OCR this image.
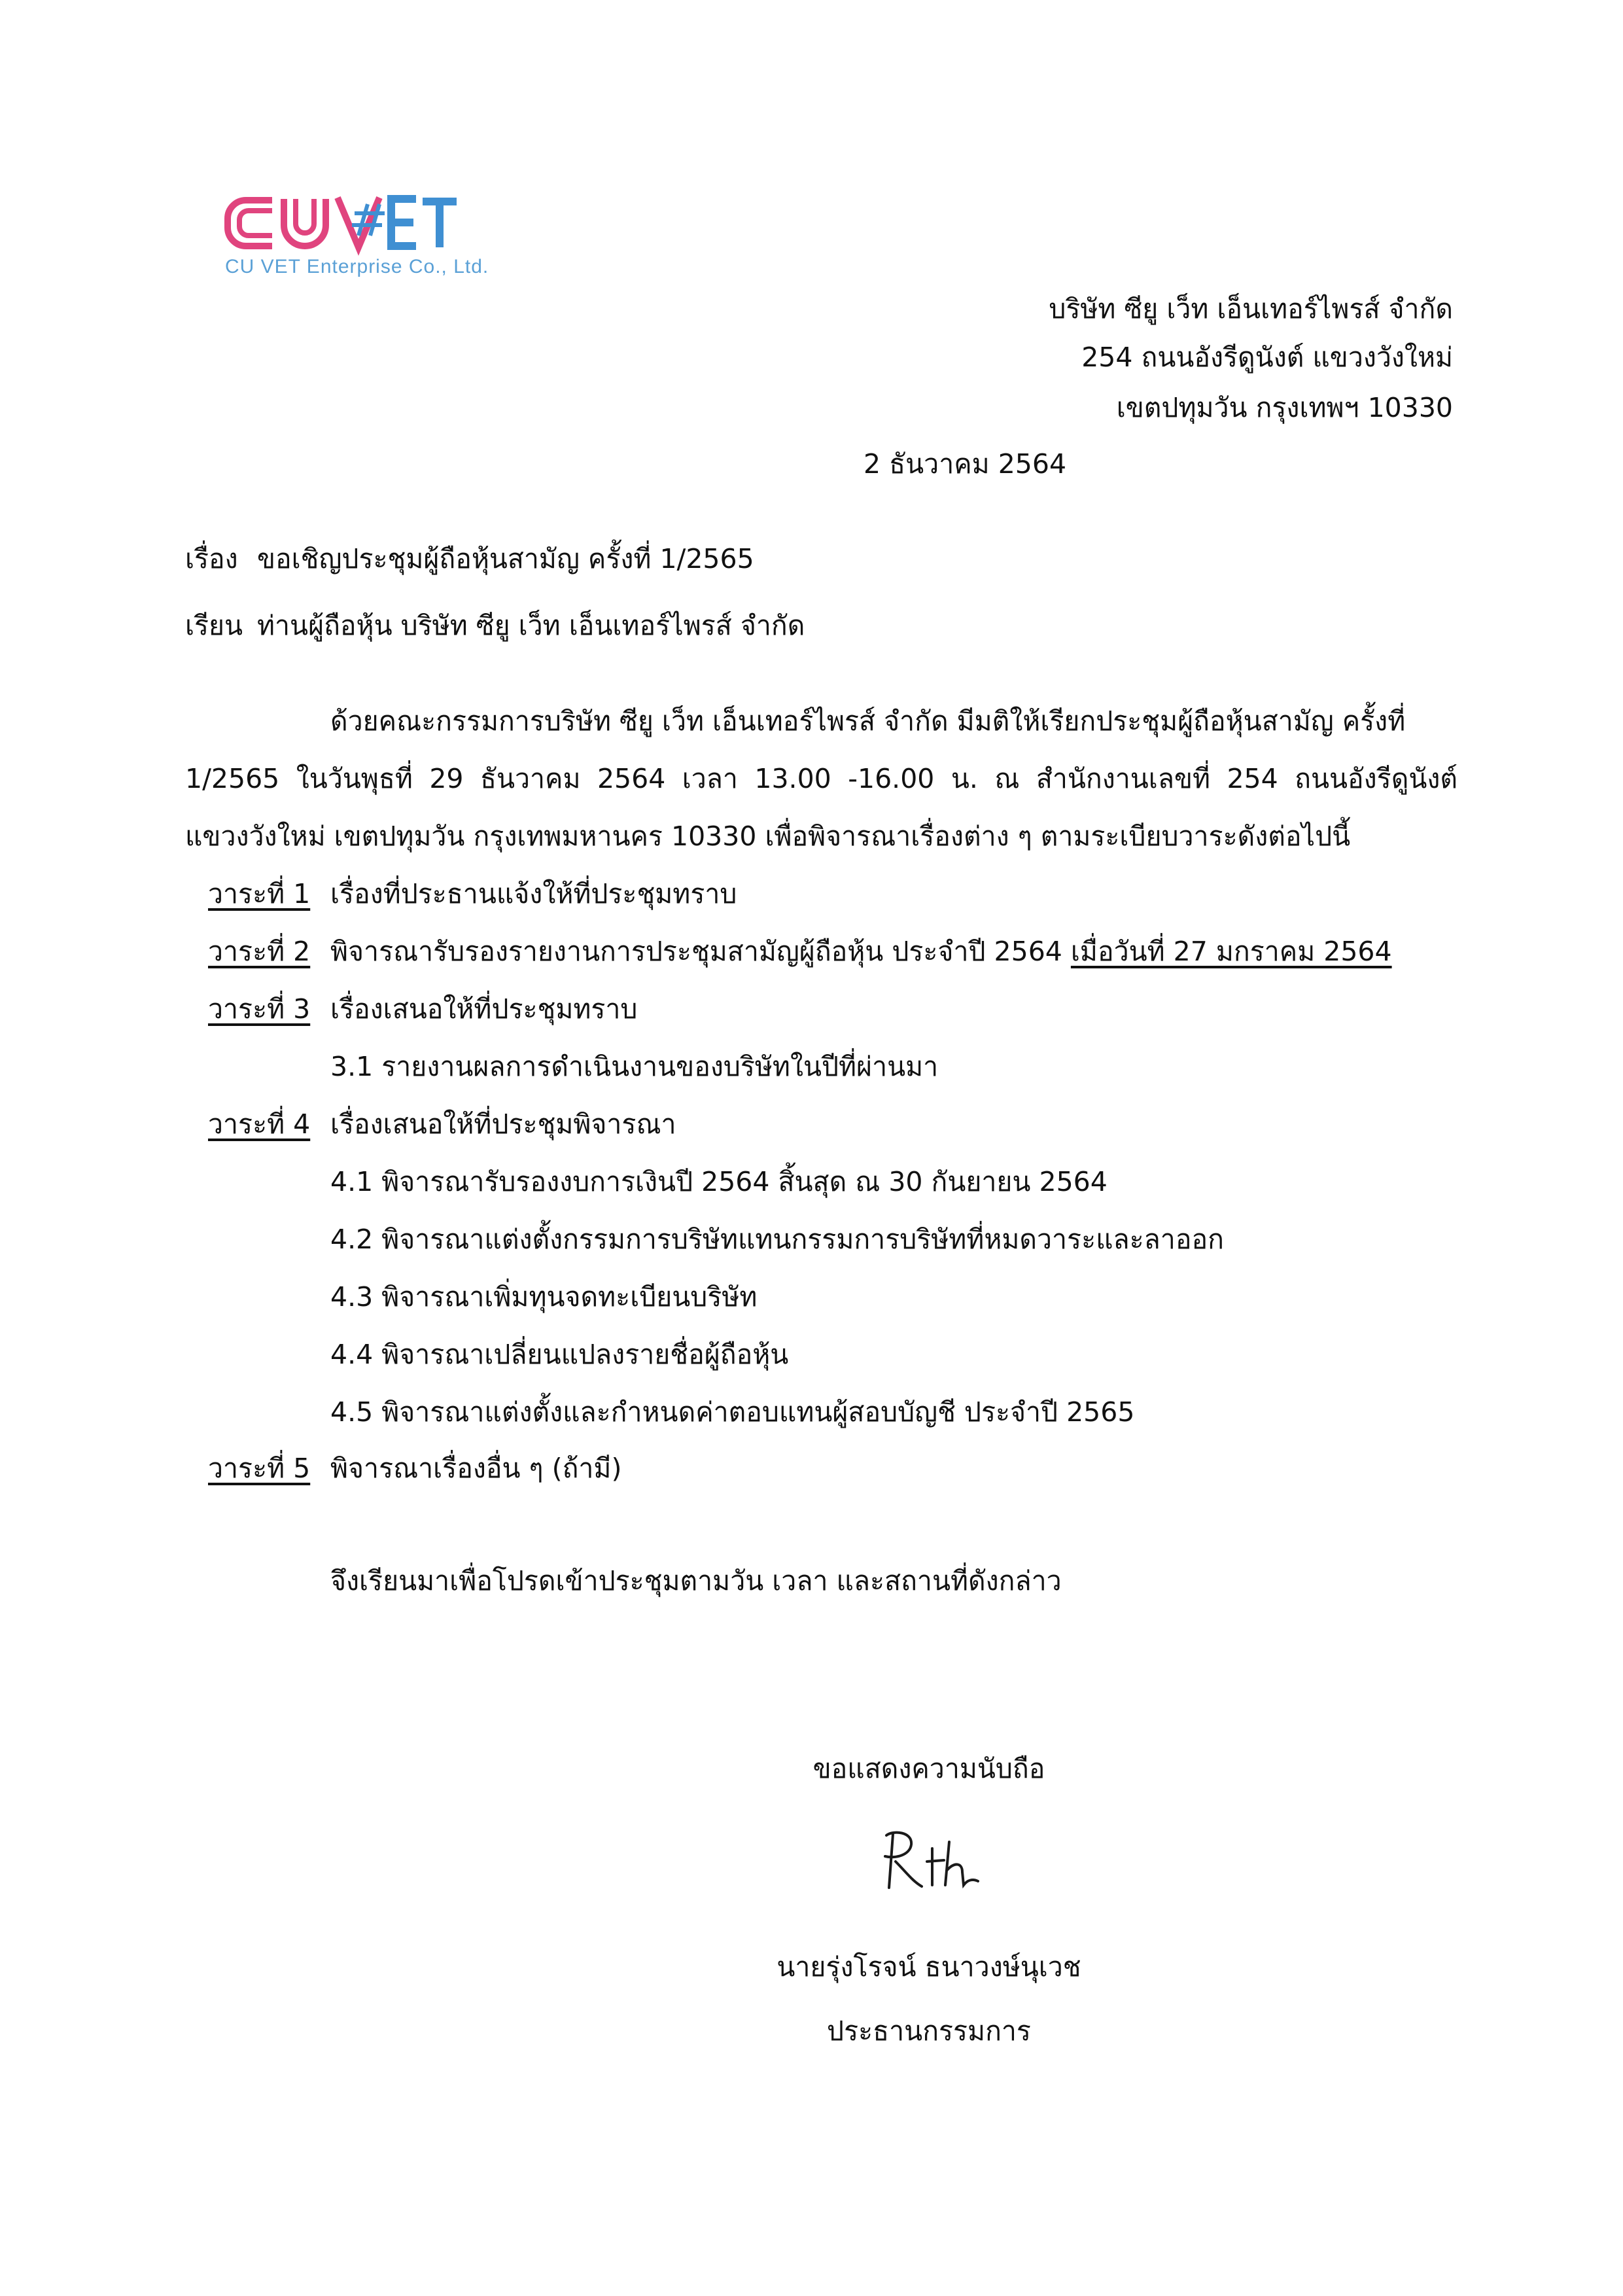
CU VET Enterprise Co., Ltd.
บริษัท ซียู เว็ท เอ็นเทอร์ไพรส์ จำกัด
254 ถนนอังรีดูนังต์ แขวงวังใหม่
เขตปทุมวัน กรุงเทพฯ 10330
2 ธันวาคม 2564
เรื่อง ขอเชิญประชุมผู้ถือหุ้นสามัญ ครั้งที่ 1/2565
เรียน ท่านผู้ถือหุ้น บริษัท ซียู เว็ท เอ็นเทอร์ไพรส์ จำกัด
ด้วยคณะกรรมการบริษัท ซียู เว็ท เอ็นเทอร์ไพรส์ จำกัด มีมติให้เรียกประชุมผู้ถือหุ้นสามัญ ครั้งที่
1/2565 ในวันพุธที่ 29 ธันวาคม 2564 เวลา 13.00 -16.00 น. ณ สำนักงานเลขที่ 254 ถนนอังรีดูนังต์
แขวงวังใหม่ เขตปทุมวัน กรุงเทพมหานคร 10330 เพื่อพิจารณาเรื่องต่าง ๆ ตามระเบียบวาระดังต่อไปนี้
วาระที่ 1 เรื่องที่ประธานแจ้งให้ที่ประชุมทราบ
วาระที่ 2 พิจารณารับรองรายงานการประชุมสามัญผู้ถือหุ้น ประจำปี 2564 เมื่อวันที่ 27 มกราคม 2564
วาระที่ 3 เรื่องเสนอให้ที่ประชุมทราบ
3.1 รายงานผลการดำเนินงานของบริษัทในปีที่ผ่านมา
วาระที่ 4 เรื่องเสนอให้ที่ประชุมพิจารณา
4.1 พิจารณารับรองงบการเงินปี 2564 สิ้นสุด ณ 30 กันยายน 2564
4.2 พิจารณาแต่งตั้งกรรมการบริษัทแทนกรรมการบริษัทที่หมดวาระและลาออก
4.3 พิจารณาเพิ่มทุนจดทะเบียนบริษัท
4.4 พิจารณาเปลี่ยนแปลงรายชื่อผู้ถือหุ้น
4.5 พิจารณาแต่งตั้งและกำหนดค่าตอบแทนผู้สอบบัญชี ประจำปี 2565
วาระที่ 5 พิจารณาเรื่องอื่น ๆ (ถ้ามี)
จึงเรียนมาเพื่อโปรดเข้าประชุมตามวัน เวลา และสถานที่ดังกล่าว
ขอแสดงความนับถือ
นายรุ่งโรจน์ ธนาวงษ์นุเวช
ประธานกรรมการ
